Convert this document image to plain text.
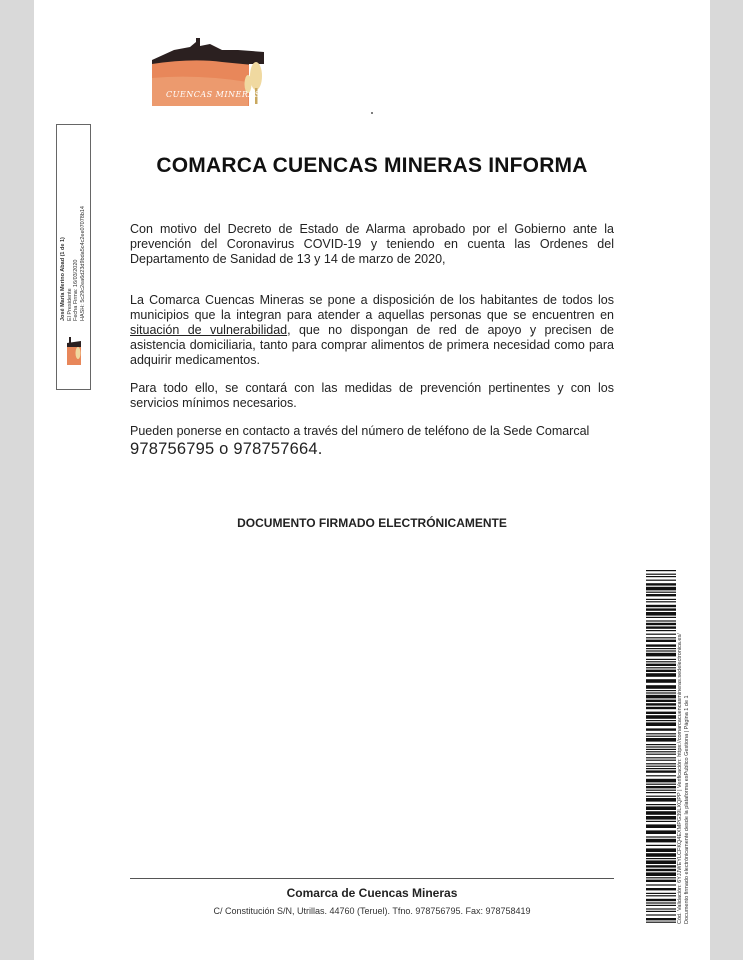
CUENCAS MINERAS
COMARCA CUENCAS MINERAS INFORMA
Con motivo del Decreto de Estado de Alarma aprobado por el Gobierno ante la prevención del Coronavirus COVID-19 y teniendo en cuenta las Ordenes del Departamento de Sanidad de 13 y 14 de marzo de 2020,
La Comarca Cuencas Mineras se pone a disposición de los habitantes de todos los municipios que la integran para atender a aquellas personas que se encuentren en situación de vulnerabilidad, que no dispongan de red de apoyo y precisen de asistencia domiciliaria, tanto para comprar alimentos de primera necesidad como para adquirir medicamentos.
Para todo ello, se contará con las medidas de prevención pertinentes y con los servicios mínimos necesarios.
Pueden ponerse en contacto a través del número de teléfono de la Sede Comarcal
978756795 o 978757664.
DOCUMENTO FIRMADO ELECTRÓNICAMENTE
Comarca de Cuencas Mineras
C/ Constitución S/N, Utrillas. 44760 (Teruel). Tfno. 978756795. Fax: 978758419
José María Merino Abad (1 de 1) El Presidente Fecha Firma: 16/03/2020 HASH: 5c29c2ea6d23d9bda5c4c2ee07078b14
Cód. Validación: 6YJJWEYLCFKQ4EXMPG39LXQPP | Verificación: https://comarcacuencasmineras.sedelectronica.es/ Documento firmado electrónicamente desde la plataforma esPublico Gestiona | Página 1 de 1
